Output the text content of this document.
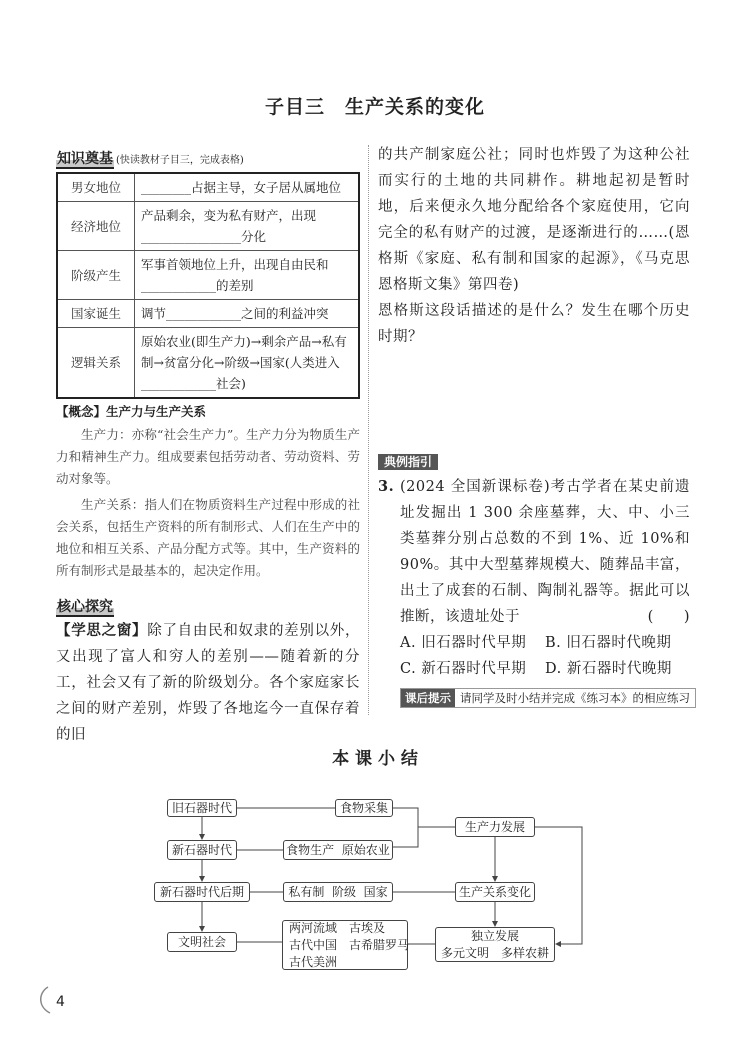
子目三　生产关系的变化
知识奠基 (快读教材子目三，完成表格)
男女地位	________占据主导，女子居从属地位
经济地位	产品剩余，变为私有财产，出现________________分化
阶级产生	军事首领地位上升，出现自由民和____________的差别
国家诞生	调节____________之间的利益冲突
逻辑关系	原始农业(即生产力)→剩余产品→私有制→贫富分化→阶级→国家(人类进入____________社会)
【概念】生产力与生产关系
生产力：亦称“社会生产力”。生产力分为物质生产力和精神生产力。组成要素包括劳动者、劳动资料、劳动对象等。
生产关系：指人们在物质资料生产过程中形成的社会关系，包括生产资料的所有制形式、人们在生产中的地位和相互关系、产品分配方式等。其中，生产资料的所有制形式是最基本的，起决定作用。
核心探究
【学思之窗】除了自由民和奴隶的差别以外，又出现了富人和穷人的差别——随着新的分工，社会又有了新的阶级划分。各个家庭家长之间的财产差别，炸毁了各地迄今一直保存着的旧
的共产制家庭公社；同时也炸毁了为这种公社而实行的土地的共同耕作。耕地起初是暂时地，后来便永久地分配给各个家庭使用，它向完全的私有财产的过渡，是逐渐进行的……(恩格斯《家庭、私有制和国家的起源》，《马克思恩格斯文集》第四卷)
恩格斯这段话描述的是什么？发生在哪个历史时期？
典例指引
3. (2024 全国新课标卷)考古学者在某史前遗址发掘出 1 300 余座墓葬，大、中、小三类墓葬分别占总数的不到 1%、近 10%和 90%。其中大型墓葬规模大、随葬品丰富，出土了成套的石制、陶制礼器等。据此可以推断，该遗址处于	(　　)
A. 旧石器时代早期 B. 旧石器时代晚期
C. 新石器时代早期 D. 新石器时代晚期
课后提示 请同学及时小结并完成《练习本》的相应练习
本 课 小 结
旧石器时代	食物采集
生产力发展
新石器时代	食物生产  原始农业
新石器时代后期	私有制  阶级  国家	生产关系变化
文明社会
两河流域　古埃及
古代中国　古希腊罗马
古代美洲
独立发展
多元文明　多样农耕
4
